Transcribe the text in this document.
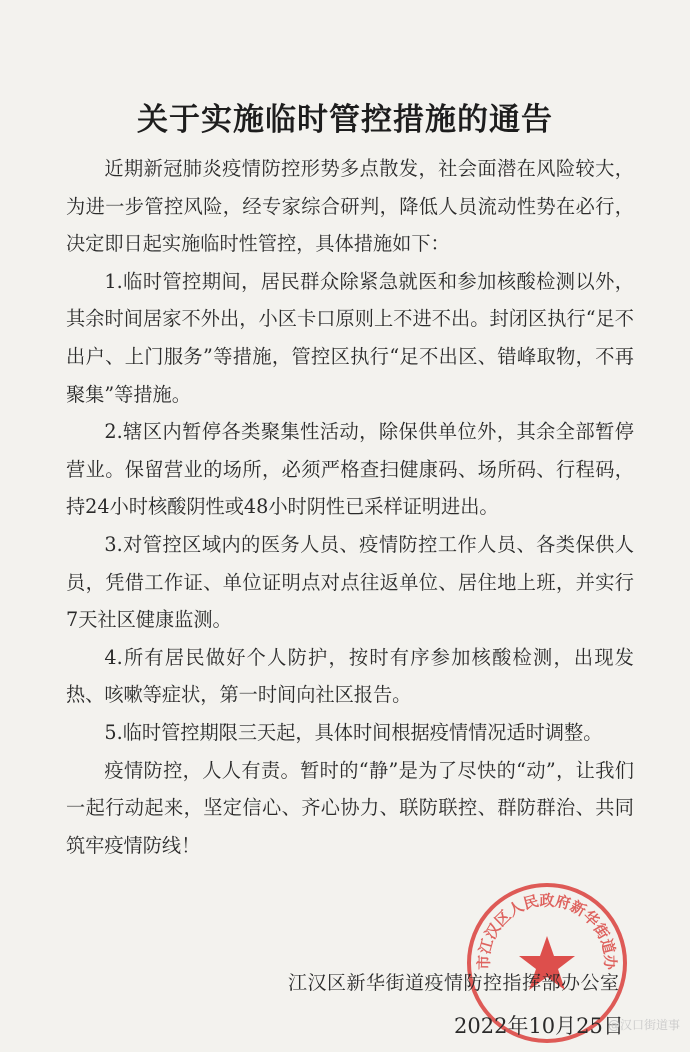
关于实施临时管控措施的通告

近期新冠肺炎疫情防控形势多点散发，社会面潜在风险较大，为进一步管控风险，经专家综合研判，降低人员流动性势在必行，决定即日起实施临时性管控，具体措施如下：

1.临时管控期间，居民群众除紧急就医和参加核酸检测以外，其余时间居家不外出，小区卡口原则上不进不出。封闭区执行“足不出户、上门服务”等措施，管控区执行“足不出区、错峰取物，不再聚集”等措施。

2.辖区内暂停各类聚集性活动，除保供单位外，其余全部暂停营业。保留营业的场所，必须严格查扫健康码、场所码、行程码，持24小时核酸阴性或48小时阴性已采样证明进出。

3.对管控区域内的医务人员、疫情防控工作人员、各类保供人员，凭借工作证、单位证明点对点往返单位、居住地上班，并实行7天社区健康监测。

4.所有居民做好个人防护，按时有序参加核酸检测，出现发热、咳嗽等症状，第一时间向社区报告。

5.临时管控期限三天起，具体时间根据疫情情况适时调整。

疫情防控，人人有责。暂时的“静”是为了尽快的“动”，让我们一起行动起来，坚定信心、齐心协力、联防联控、群防群治、共同筑牢疫情防线！

市江汉区人民政府新华街道办
江汉区新华街道疫情防控指挥部办公室
2022年10月25日
@汉口街道事
